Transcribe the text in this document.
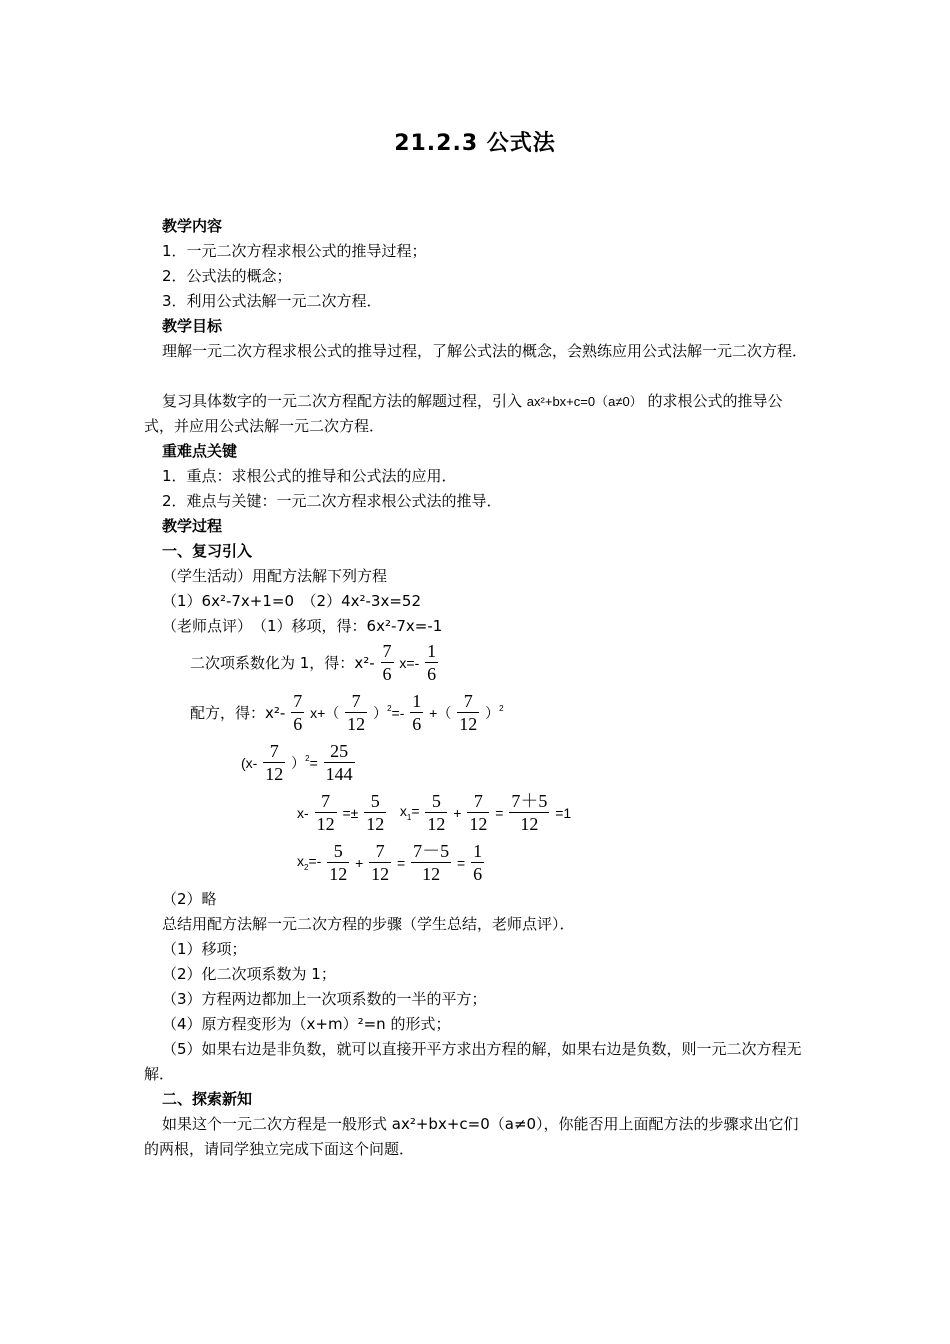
21.2.3 公式法
教学内容
1．一元二次方程求根公式的推导过程；
2．公式法的概念；
3．利用公式法解一元二次方程．
教学目标
理解一元二次方程求根公式的推导过程，了解公式法的概念，会熟练应用公式法解一元二次方程．
复习具体数字的一元二次方程配方法的解题过程，引入 ax²+bx+c=0（a≠0） 的求根公式的推导公式，并应用公式法解一元二次方程．
重难点关键
1．重点：求根公式的推导和公式法的应用．
2．难点与关键：一元二次方程求根公式法的推导．
教学过程
一、复习引入
（学生活动）用配方法解下列方程
（1）6x²-7x+1=0　（2）4x²-3x=52
（老师点评）　（1）移项，得：6x²-7x=-1
二次项系数化为 1，得：$x^2- \frac{7}{6} x=- \frac{1}{6}$
配方，得：$x^2- \frac{7}{6} x+( \frac{7}{12} )^2=- \frac{1}{6}$ +（ $\frac{7}{12} )^2$
$(x- \frac{7}{12} )^2= \frac{25}{144}$
$x- \frac{7}{12} =\pm \frac{5}{12} x_1= \frac{5}{12} + \frac{7}{12} = \frac{7+5}{12} =1$
$x_2=- \frac{5}{12} + \frac{7}{12} = \frac{7-5}{12} = \frac{1}{6}$
（2）略
总结用配方法解一元二次方程的步骤（学生总结，老师点评）．
（1）移项；
（2）化二次项系数为 1；
（3）方程两边都加上一次项系数的一半的平方；
（4）原方程变形为（x+m）²=n 的形式；
（5）如果右边是非负数，就可以直接开平方求出方程的解，如果右边是负数，则一元二次方程无解．
二、探索新知
如果这个一元二次方程是一般形式 ax²+bx+c=0（a≠0），你能否用上面配方法的步骤求出它们的两根，请同学独立完成下面这个问题．
